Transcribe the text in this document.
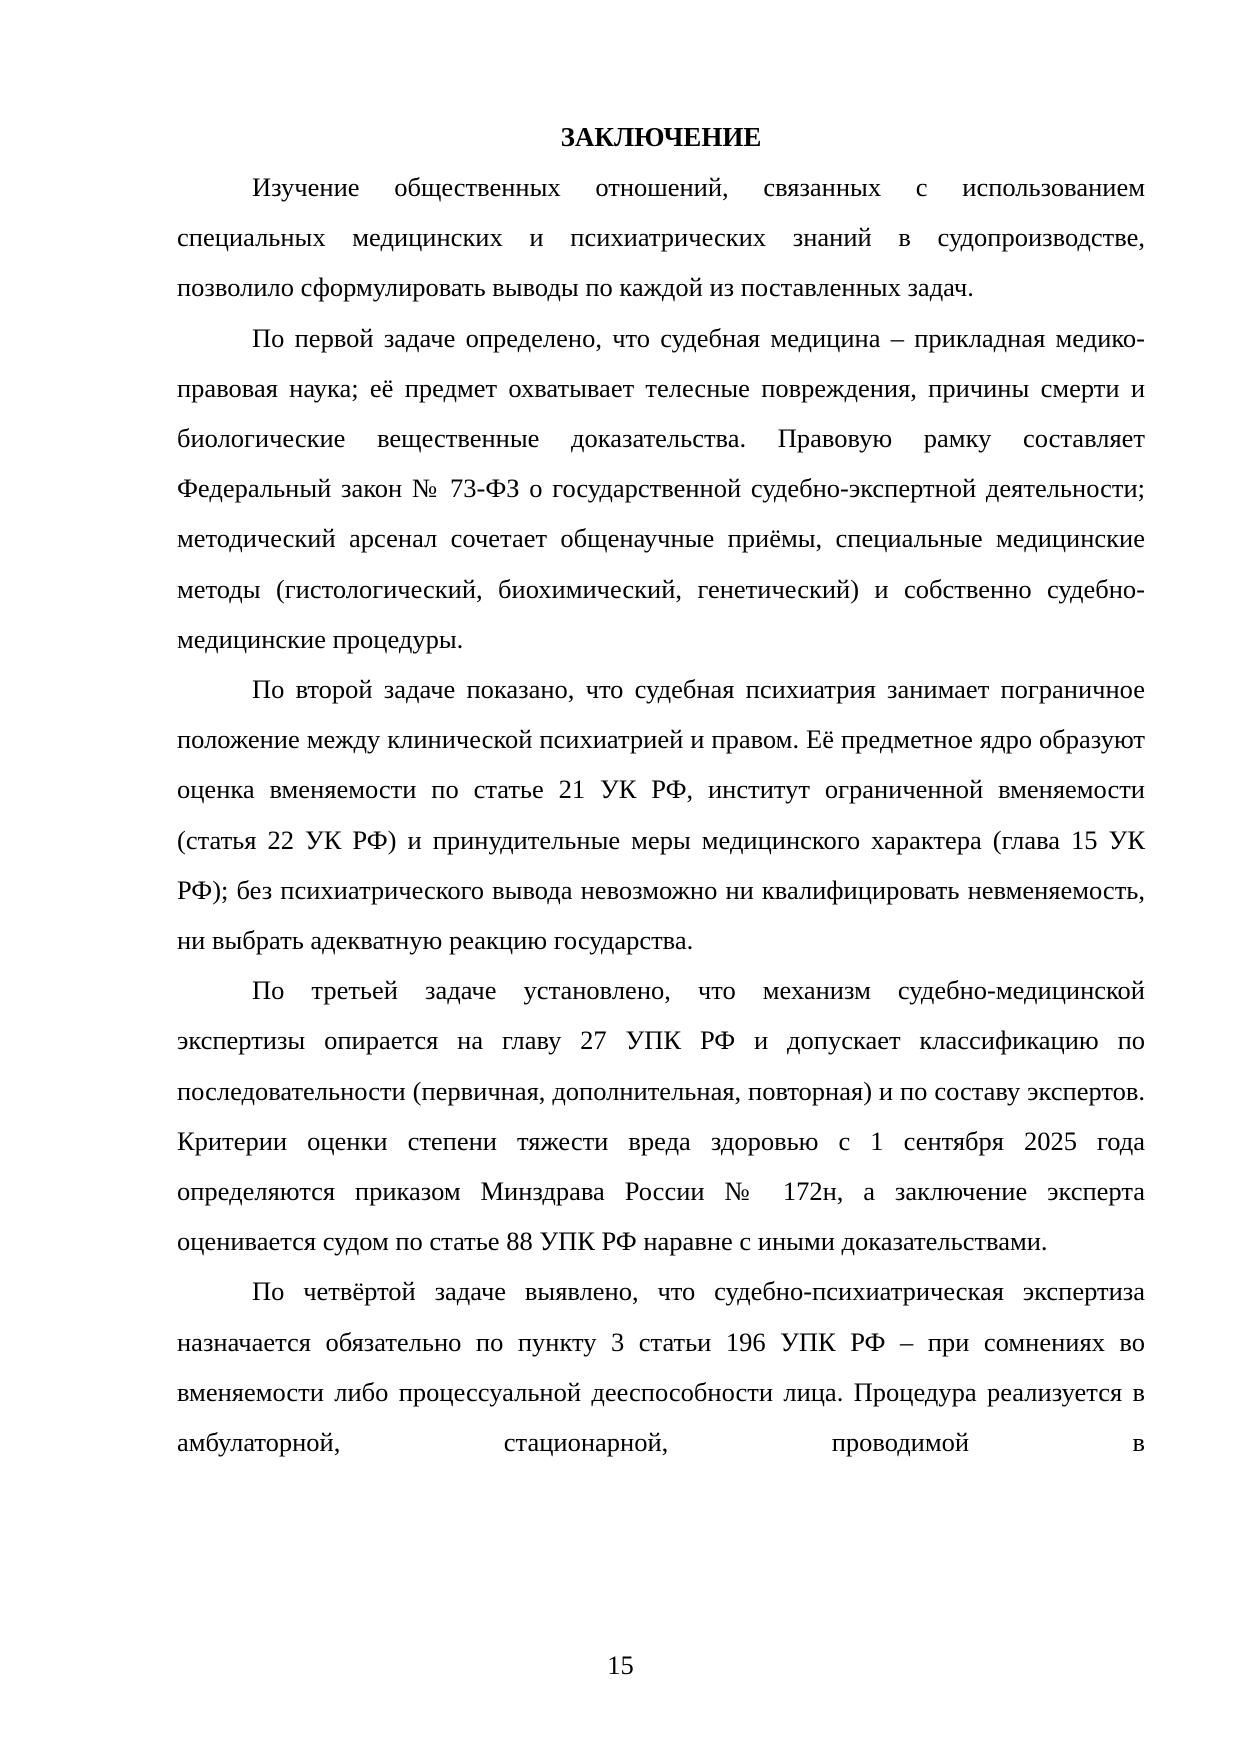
ЗАКЛЮЧЕНИЕ

Изучение общественных отношений, связанных с использованием специальных медицинских и психиатрических знаний в судопроизводстве, позволило сформулировать выводы по каждой из поставленных задач.

По первой задаче определено, что судебная медицина – прикладная медико-правовая наука; её предмет охватывает телесные повреждения, причины смерти и биологические вещественные доказательства. Правовую рамку составляет Федеральный закон № 73-ФЗ о государственной судебно-экспертной деятельности; методический арсенал сочетает общенаучные приёмы, специальные медицинские методы (гистологический, биохимический, генетический) и собственно судебно-медицинские процедуры.

По второй задаче показано, что судебная психиатрия занимает пограничное положение между клинической психиатрией и правом. Её предметное ядро образуют оценка вменяемости по статье 21 УК РФ, институт ограниченной вменяемости (статья 22 УК РФ) и принудительные меры медицинского характера (глава 15 УК РФ); без психиатрического вывода невозможно ни квалифицировать невменяемость, ни выбрать адекватную реакцию государства.

По третьей задаче установлено, что механизм судебно-медицинской экспертизы опирается на главу 27 УПК РФ и допускает классификацию по последовательности (первичная, дополнительная, повторная) и по составу экспертов. Критерии оценки степени тяжести вреда здоровью с 1 сентября 2025 года определяются приказом Минздрава России № 172н, а заключение эксперта оценивается судом по статье 88 УПК РФ наравне с иными доказательствами.

По четвёртой задаче выявлено, что судебно-психиатрическая экспертиза назначается обязательно по пункту 3 статьи 196 УПК РФ – при сомнениях во вменяемости либо процессуальной дееспособности лица. Процедура реализуется в амбулаторной, стационарной, проводимой в

15
